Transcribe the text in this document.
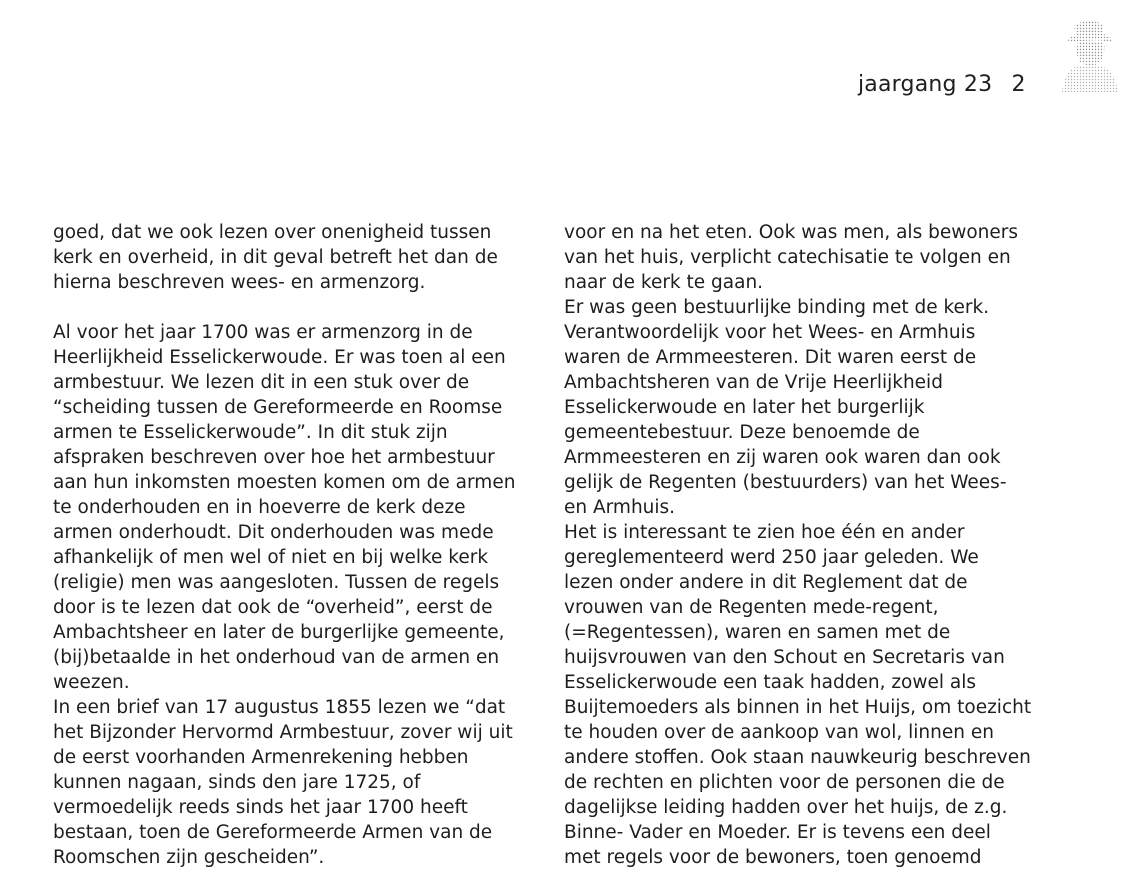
jaargang 23 2
goed, dat we ook lezen over onenigheid tussen
kerk en overheid, in dit geval betreft het dan de
hierna beschreven wees- en armenzorg.
Al voor het jaar 1700 was er armenzorg in de
Heerlijkheid Esselickerwoude. Er was toen al een
armbestuur. We lezen dit in een stuk over de
“scheiding tussen de Gereformeerde en Roomse
armen te Esselickerwoude”. In dit stuk zijn
afspraken beschreven over hoe het armbestuur
aan hun inkomsten moesten komen om de armen
te onderhouden en in hoeverre de kerk deze
armen onderhoudt. Dit onderhouden was mede
afhankelijk of men wel of niet en bij welke kerk
(religie) men was aangesloten. Tussen de regels
door is te lezen dat ook de “overheid”, eerst de
Ambachtsheer en later de burgerlijke gemeente,
(bij)betaalde in het onderhoud van de armen en
weezen.
In een brief van 17 augustus 1855 lezen we “dat
het Bijzonder Hervormd Armbestuur, zover wij uit
de eerst voorhanden Armenrekening hebben
kunnen nagaan, sinds den jare 1725, of
vermoedelijk reeds sinds het jaar 1700 heeft
bestaan, toen de Gereformeerde Armen van de
Roomschen zijn gescheiden”.
voor en na het eten. Ook was men, als bewoners
van het huis, verplicht catechisatie te volgen en
naar de kerk te gaan.
Er was geen bestuurlijke binding met de kerk.
Verantwoordelijk voor het Wees- en Armhuis
waren de Armmeesteren. Dit waren eerst de
Ambachtsheren van de Vrije Heerlijkheid
Esselickerwoude en later het burgerlijk
gemeentebestuur. Deze benoemde de
Armmeesteren en zij waren ook waren dan ook
gelijk de Regenten (bestuurders) van het Wees-
en Armhuis.
Het is interessant te zien hoe één en ander
gereglementeerd werd 250 jaar geleden. We
lezen onder andere in dit Reglement dat de
vrouwen van de Regenten mede-regent,
(=Regentessen), waren en samen met de
huijsvrouwen van den Schout en Secretaris van
Esselickerwoude een taak hadden, zowel als
Buijtemoeders als binnen in het Huijs, om toezicht
te houden over de aankoop van wol, linnen en
andere stoffen. Ook staan nauwkeurig beschreven
de rechten en plichten voor de personen die de
dagelijkse leiding hadden over het huijs, de z.g.
Binne- Vader en Moeder. Er is tevens een deel
met regels voor de bewoners, toen genoemd
